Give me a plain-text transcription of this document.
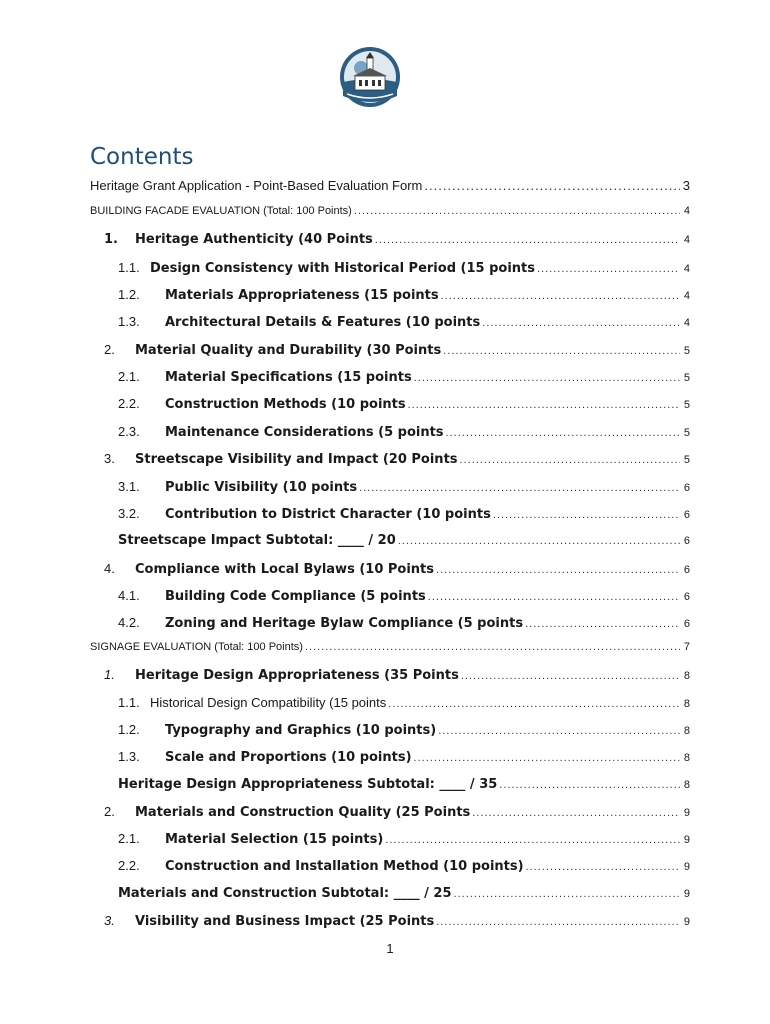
Contents
Heritage Grant Application - Point-Based Evaluation Form .....	3
BUILDING FACADE EVALUATION (Total: 100 Points) .....	4
1.	Heritage Authenticity (40 Points .....	4
1.1. Design Consistency with Historical Period (15 points .....	4
1.2.	Materials Appropriateness (15 points .....	4
1.3.	Architectural Details & Features (10 points .....	4
2.	Material Quality and Durability (30 Points .....	5
2.1.	Material Specifications (15 points .....	5
2.2.	Construction Methods (10 points .....	5
2.3.	Maintenance Considerations (5 points .....	5
3.	Streetscape Visibility and Impact (20 Points .....	5
3.1.	Public Visibility (10 points .....	6
3.2.	Contribution to District Character (10 points .....	6
Streetscape Impact Subtotal: ____ / 20 .....	6
4.	Compliance with Local Bylaws (10 Points .....	6
4.1.	Building Code Compliance (5 points .....	6
4.2.	Zoning and Heritage Bylaw Compliance (5 points .....	6
SIGNAGE EVALUATION (Total: 100 Points) .....	7
1.	Heritage Design Appropriateness (35 Points .....	8
1.1. Historical Design Compatibility (15 points .....	8
1.2.	Typography and Graphics (10 points) .....	8
1.3.	Scale and Proportions (10 points) .....	8
Heritage Design Appropriateness Subtotal: ____ / 35 .....	8
2.	Materials and Construction Quality (25 Points .....	9
2.1.	Material Selection (15 points) .....	9
2.2.	Construction and Installation Method (10 points) .....	9
Materials and Construction Subtotal: ____ / 25 .....	9
3.	Visibility and Business Impact (25 Points .....	9
1
